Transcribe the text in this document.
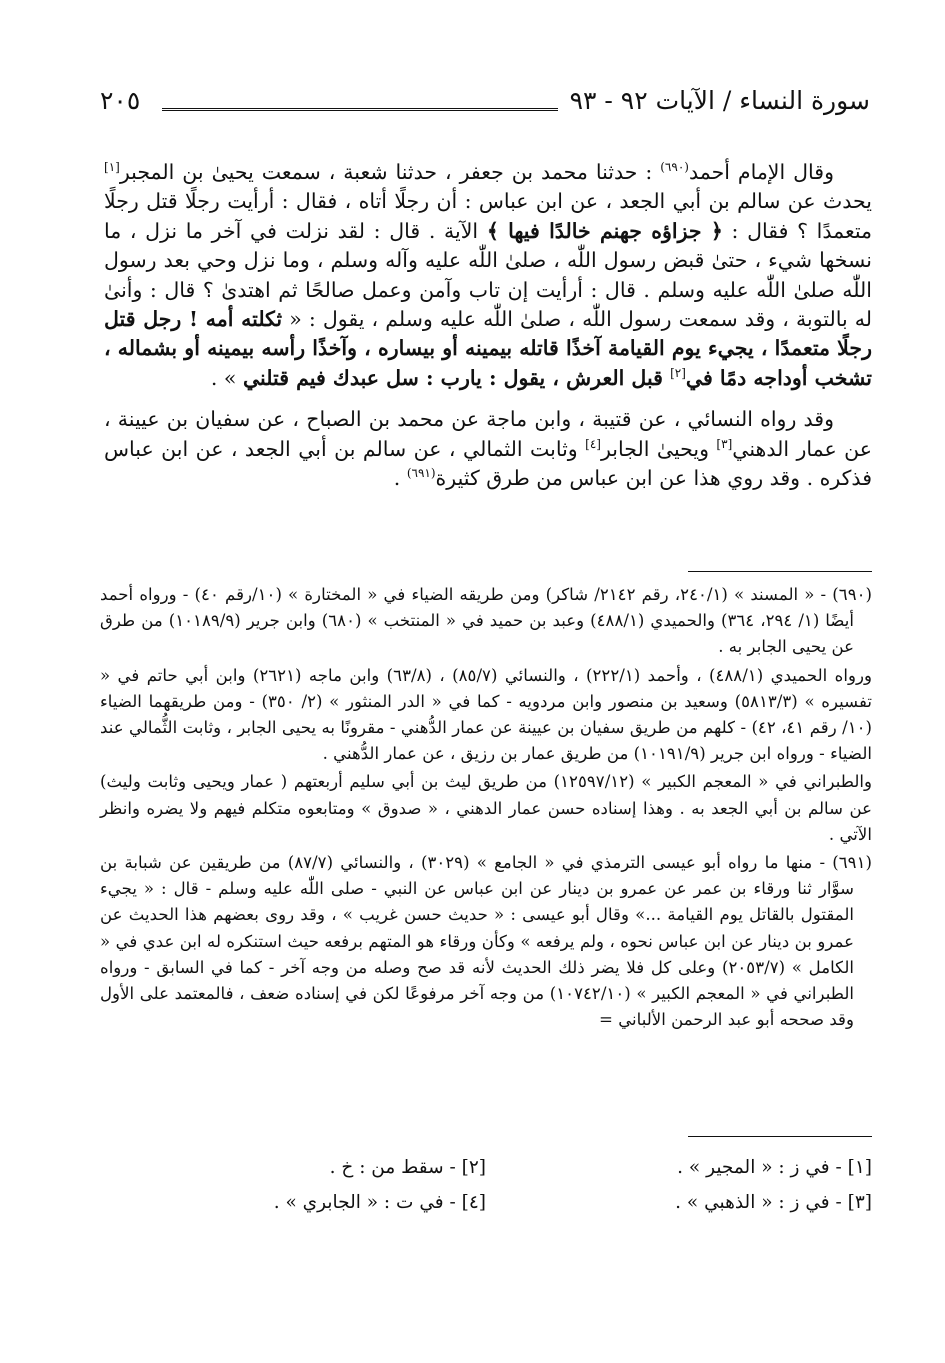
سورة النساء / الآيات ٩٢ - ٩٣
٢٠٥

وقال الإمام أحمد$^{(٦٩٠)}$ : حدثنا محمد بن جعفر ، حدثنا شعبة ، سمعت يحيىٰ بن المجبر[١] يحدث عن سالم بن أبي الجعد ، عن ابن عباس : أن رجلًا أتاه ، فقال : أرأيت رجلًا قتل رجلًا متعمدًا ؟ فقال : ﴿ جزاؤه جهنم خالدًا فيها ﴾ الآية . قال : لقد نزلت في آخر ما نزل ، ما نسخها شيء ، حتىٰ قبض رسول اللّٰه ، صلىٰ اللّٰه عليه وآله وسلم ، وما نزل وحي بعد رسول اللّٰه صلىٰ اللّٰه عليه وسلم . قال : أرأيت إن تاب وآمن وعمل صالحًا ثم اهتدىٰ ؟ قال : وأنىٰ له بالتوبة ، وقد سمعت رسول اللّٰه ، صلىٰ اللّٰه عليه وسلم ، يقول : « ثكلته أمه ! رجل قتل رجلًا متعمدًا ، يجيء يوم القيامة آخذًا قاتله بيمينه أو بيساره ، وآخذًا رأسه بيمينه أو بشماله ، تشخب أوداجه دمًا في[٢] قبل العرش ، يقول : يارب : سل عبدك فيم قتلني » .

وقد رواه النسائي ، عن قتيبة ، وابن ماجة عن محمد بن الصباح ، عن سفيان بن عيينة ، عن عمار الدهني[٣] ويحيىٰ الجابر[٤] وثابت الثمالي ، عن سالم بن أبي الجعد ، عن ابن عباس فذكره . وقد روي هذا عن ابن عباس من طرق كثيرة$^{(٦٩١)}$ .

(٦٩٠) - « المسند » (٢٤٠/١، رقم ٢١٤٢/ شاكر) ومن طريقه الضياء في « المختارة » (١٠/رقم ٤٠) - ورواه أحمد أيضًا (١/ ٢٩٤، ٣٦٤) والحميدي (٤٨٨/١) وعبد بن حميد في « المنتخب » (٦٨٠) وابن جرير (١٠١٨٩/٩) من طرق عن يحيى الجابر به .

ورواه الحميدي (٤٨٨/١) ، وأحمد (٢٢٢/١) ، والنسائي (٨٥/٧) ، (٦٣/٨) وابن ماجه (٢٦٢١) وابن أبي حاتم في « تفسيره » (٥٨١٣/٣) وسعيد بن منصور وابن مردويه - كما في « الدر المنثور » (٢/ ٣٥٠) - ومن طريقهما الضياء (١٠/ رقم ٤١، ٤٢) - كلهم من طريق سفيان بن عيينة عن عمار الدُّهني - مقرونًا به يحيى الجابر ، وثابت الثُّمالي عند الضياء - ورواه ابن جرير (١٠١٩١/٩) من طريق عمار بن رزيق ، عن عمار الدُّهني .

والطبراني في « المعجم الكبير » (١٢٥٩٧/١٢) من طريق ليث بن أبي سليم أربعتهم ( عمار ويحيى وثابت وليث) عن سالم بن أبي الجعد به . وهذا إسناده حسن عمار الدهني ، « صدوق » ومتابعوه متكلم فيهم ولا يضره وانظر الآتي .

(٦٩١) - منها ما رواه أبو عيسى الترمذي في « الجامع » (٣٠٢٩) ، والنسائي (٨٧/٧) من طريقين عن شبابة بن سوَّار ثنا ورقاء بن عمر عن عمرو بن دينار عن ابن عباس عن النبي - صلى اللّٰه عليه وسلم - قال : « يجيء المقتول بالقاتل يوم القيامة ...» وقال أبو عيسى : « حديث حسن غريب » ، وقد روى بعضهم هذا الحديث عن عمرو بن دينار عن ابن عباس نحوه ، ولم يرفعه » وكأن ورقاء هو المتهم برفعه حيث استنكره له ابن عدي في « الكامل » (٢٠٥٣/٧) وعلى كل فلا يضر ذلك الحديث لأنه قد صح وصله من وجه آخر - كما في السابق - ورواه الطبراني في « المعجم الكبير » (١٠٧٤٢/١٠) من وجه آخر مرفوعًا لكن في إسناده ضعف ، فالمعتمد على الأول وقد صححه أبو عبد الرحمن الألباني =

[١] - في ز : « المجير » .
[٢] - سقط من : خ .
[٣] - في ز : « الذهبي » .
[٤] - في ت : « الجابري » .
